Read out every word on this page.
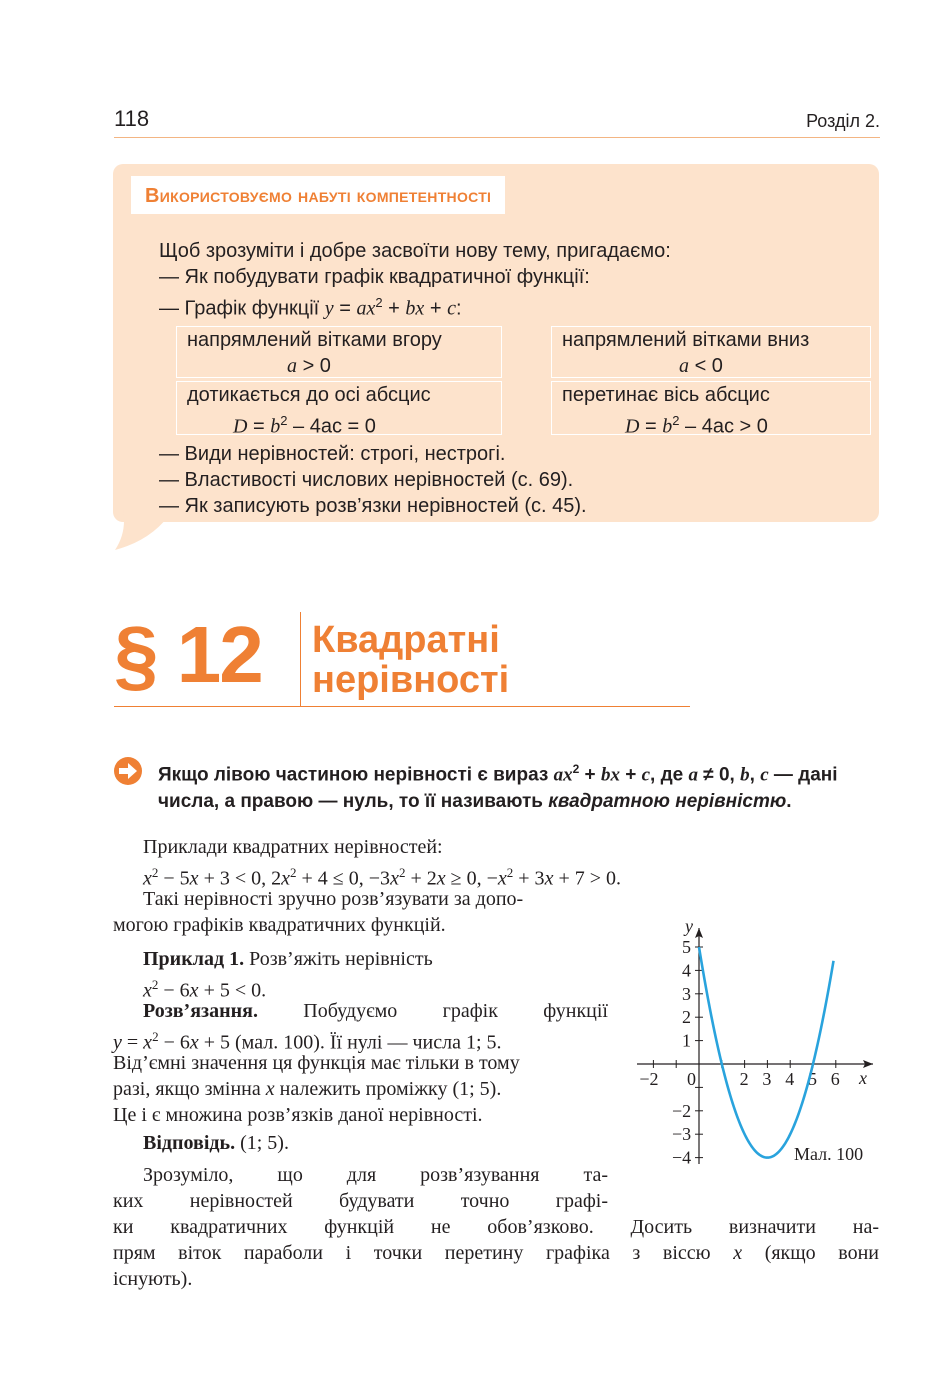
118	Розділ 2.
Використовуємо набуті компетентності
Щоб зрозуміти і добре засвоїти нову тему, пригадаємо:
— Як побудувати графік квадратичної функції:
— Графік функції $y = ax^2$ + bx + c:
напрямлений вітками вгору
a > 0
напрямлений вітками вниз
a < 0
дотикається до осі абсцис
$D = b^2 - 4ac = 0$
перетинає вісь абсцис
$D = b^2 - 4ac > 0$
— Види нерівностей: строгі, нестрогі.
— Властивості числових нерівностей (с. 69).
— Як записують розв’язки нерівностей (с. 45).
§ 12 Квадратні
нерівності
Якщо лівою частиною нерівності є вираз $ax^2$ + bx + c, де a ≠ 0, b, c — дані числа, а правою — нуль, то її називають квадратною нерівністю.
Приклади квадратних нерівностей:
$x^2 - 5x + 3 < 0$, $2x^2 + 4 \le 0$, $-3x^2 + 2x \ge 0$, $-x^2 + 3x + 7 > 0$.
Такі нерівності зручно розв’язувати за допо-
могою графіків квадратичних функцій.
Приклад 1. Розв’яжіть нерівність
$x^2 - 6x + 5 < 0$.
Розв’язання. Побудуємо графік функції
$y = x^2 - 6x + 5$ (мал. 100). Її нулі — числа 1; 5.
Від’ємні значення ця функція має тільки в тому
разі, якщо змінна x належить проміжку (1; 5).
Це і є множина розв’язків даної нерівності.
Відповідь. (1; 5).
Зрозуміло, що для розв’язування та-
ких нерівностей будувати точно графі-
ки квадратичних функцій не обов’язково. Досить визначити на-
прям віток параболи і точки перетину графіка з віссю x (якщо вони
існують).
−2 0 2 3 4 5 6
5
4
3
2
1
−2
−3
−4
x
y
Мал. 100
